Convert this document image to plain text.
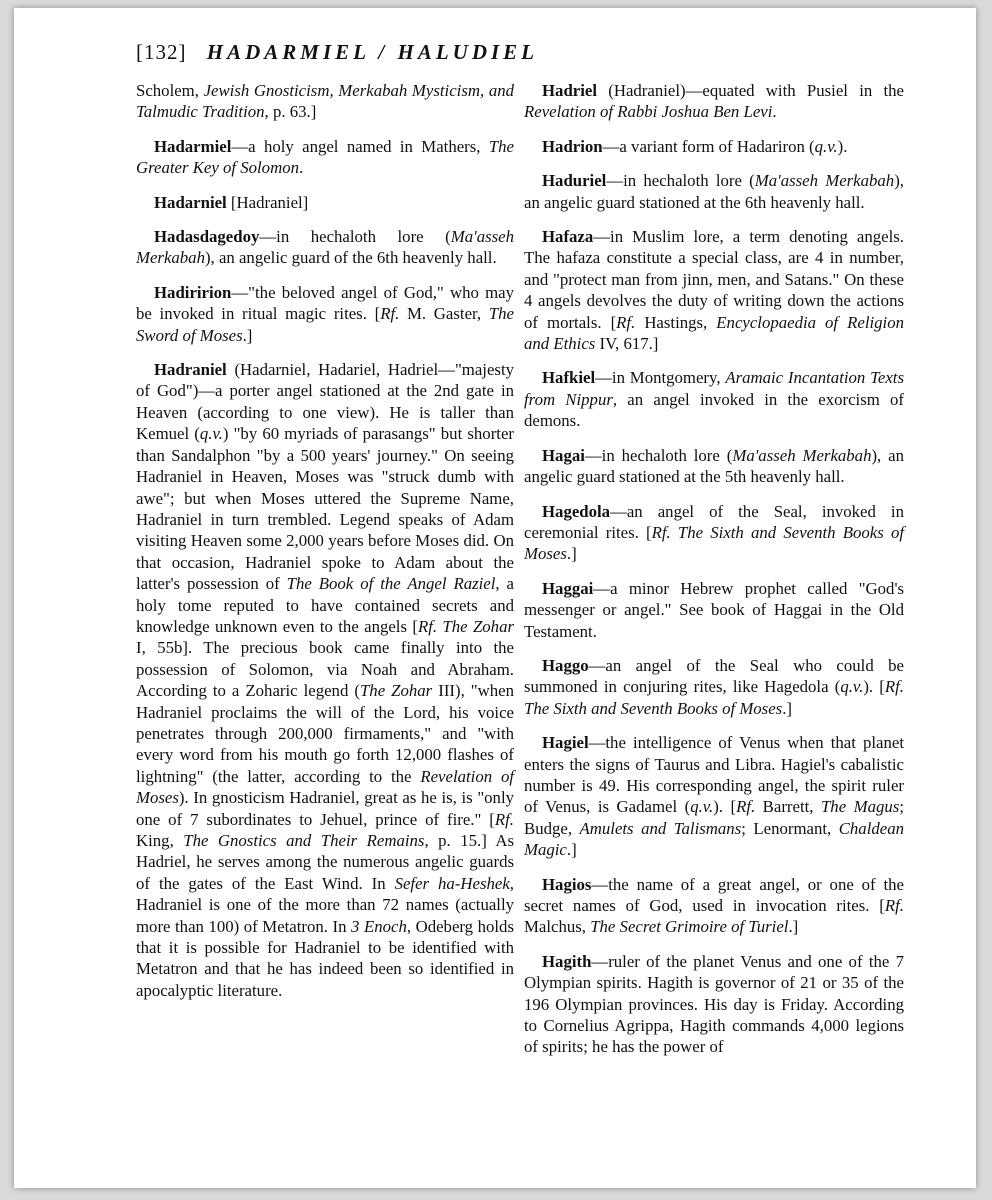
[132] HADARMIEL / HALUDIEL

Scholem, Jewish Gnosticism, Merkabah Mysticism, and Talmudic Tradition, p. 63.]

Hadarmiel—a holy angel named in Mathers, The Greater Key of Solomon.

Hadarniel [Hadraniel]

Hadasdagedoy—in hechaloth lore (Ma'asseh Merkabah), an angelic guard of the 6th heavenly hall.

Hadiririon—"the beloved angel of God," who may be invoked in ritual magic rites. [Rf. M. Gaster, The Sword of Moses.]

Hadraniel (Hadarniel, Hadariel, Hadriel—"majesty of God")—a porter angel stationed at the 2nd gate in Heaven (according to one view). He is taller than Kemuel (q.v.) "by 60 myriads of parasangs" but shorter than Sandalphon "by a 500 years' journey." On seeing Hadraniel in Heaven, Moses was "struck dumb with awe"; but when Moses uttered the Supreme Name, Hadraniel in turn trembled. Legend speaks of Adam visiting Heaven some 2,000 years before Moses did. On that occasion, Hadraniel spoke to Adam about the latter's possession of The Book of the Angel Raziel, a holy tome reputed to have contained secrets and knowledge unknown even to the angels [Rf. The Zohar I, 55b]. The precious book came finally into the possession of Solomon, via Noah and Abraham. According to a Zoharic legend (The Zohar III), "when Hadraniel proclaims the will of the Lord, his voice penetrates through 200,000 firmaments," and "with every word from his mouth go forth 12,000 flashes of lightning" (the latter, according to the Revelation of Moses). In gnosticism Hadraniel, great as he is, is "only one of 7 subordinates to Jehuel, prince of fire." [Rf. King, The Gnostics and Their Remains, p. 15.] As Hadriel, he serves among the numerous angelic guards of the gates of the East Wind. In Sefer ha-Heshek, Hadraniel is one of the more than 72 names (actually more than 100) of Metatron. In 3 Enoch, Odeberg holds that it is possible for Hadraniel to be identified with Metatron and that he has indeed been so identified in apocalyptic literature.

Hadriel (Hadraniel)—equated with Pusiel in the Revelation of Rabbi Joshua Ben Levi.

Hadrion—a variant form of Hadariron (q.v.).

Haduriel—in hechaloth lore (Ma'asseh Merkabah), an angelic guard stationed at the 6th heavenly hall.

Hafaza—in Muslim lore, a term denoting angels. The hafaza constitute a special class, are 4 in number, and "protect man from jinn, men, and Satans." On these 4 angels devolves the duty of writing down the actions of mortals. [Rf. Hastings, Encyclopaedia of Religion and Ethics IV, 617.]

Hafkiel—in Montgomery, Aramaic Incantation Texts from Nippur, an angel invoked in the exorcism of demons.

Hagai—in hechaloth lore (Ma'asseh Merkabah), an angelic guard stationed at the 5th heavenly hall.

Hagedola—an angel of the Seal, invoked in ceremonial rites. [Rf. The Sixth and Seventh Books of Moses.]

Haggai—a minor Hebrew prophet called "God's messenger or angel." See book of Haggai in the Old Testament.

Haggo—an angel of the Seal who could be summoned in conjuring rites, like Hagedola (q.v.). [Rf. The Sixth and Seventh Books of Moses.]

Hagiel—the intelligence of Venus when that planet enters the signs of Taurus and Libra. Hagiel's cabalistic number is 49. His corresponding angel, the spirit ruler of Venus, is Gadamel (q.v.). [Rf. Barrett, The Magus; Budge, Amulets and Talismans; Lenormant, Chaldean Magic.]

Hagios—the name of a great angel, or one of the secret names of God, used in invocation rites. [Rf. Malchus, The Secret Grimoire of Turiel.]

Hagith—ruler of the planet Venus and one of the 7 Olympian spirits. Hagith is governor of 21 or 35 of the 196 Olympian provinces. His day is Friday. According to Cornelius Agrippa, Hagith commands 4,000 legions of spirits; he has the power of
